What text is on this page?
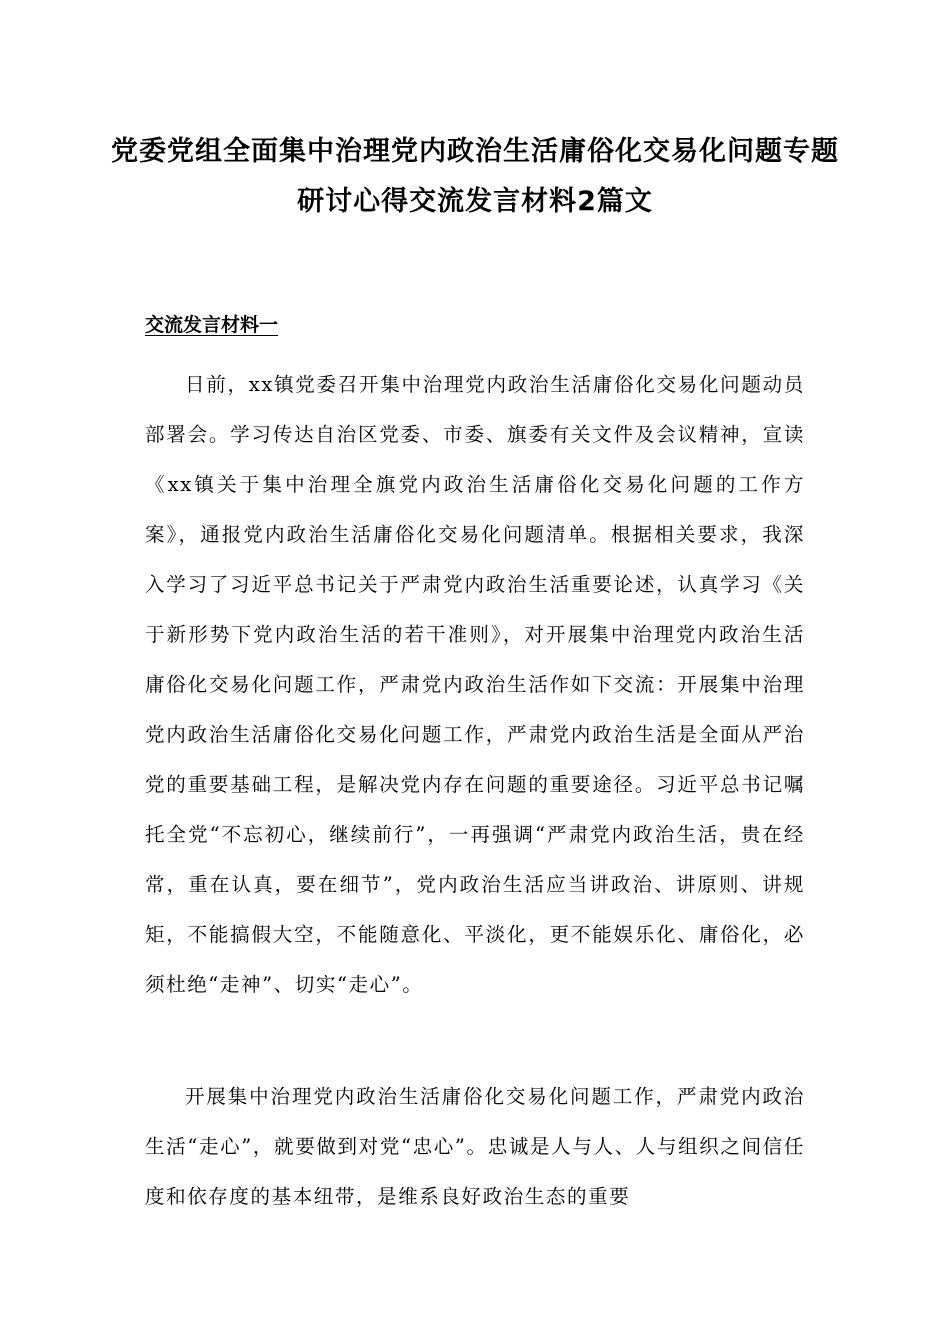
党委党组全面集中治理党内政治生活庸俗化交易化问题专题研讨心得交流发言材料2篇文
交流发言材料一

日前，xx镇党委召开集中治理党内政治生活庸俗化交易化问题动员部署会。学习传达自治区党委、市委、旗委有关文件及会议精神，宣读《xx镇关于集中治理全旗党内政治生活庸俗化交易化问题的工作方案》，通报党内政治生活庸俗化交易化问题清单。根据相关要求，我深入学习了习近平总书记关于严肃党内政治生活重要论述，认真学习《关于新形势下党内政治生活的若干准则》，对开展集中治理党内政治生活庸俗化交易化问题工作，严肃党内政治生活作如下交流：开展集中治理党内政治生活庸俗化交易化问题工作，严肃党内政治生活是全面从严治党的重要基础工程，是解决党内存在问题的重要途径。习近平总书记嘱托全党“不忘初心，继续前行”，一再强调“严肃党内政治生活，贵在经常，重在认真，要在细节”，党内政治生活应当讲政治、讲原则、讲规矩，不能搞假大空，不能随意化、平淡化，更不能娱乐化、庸俗化，必须杜绝“走神”、切实“走心”。

开展集中治理党内政治生活庸俗化交易化问题工作，严肃党内政治生活“走心”，就要做到对党“忠心”。忠诚是人与人、人与组织之间信任度和依存度的基本纽带，是维系良好政治生态的重要
